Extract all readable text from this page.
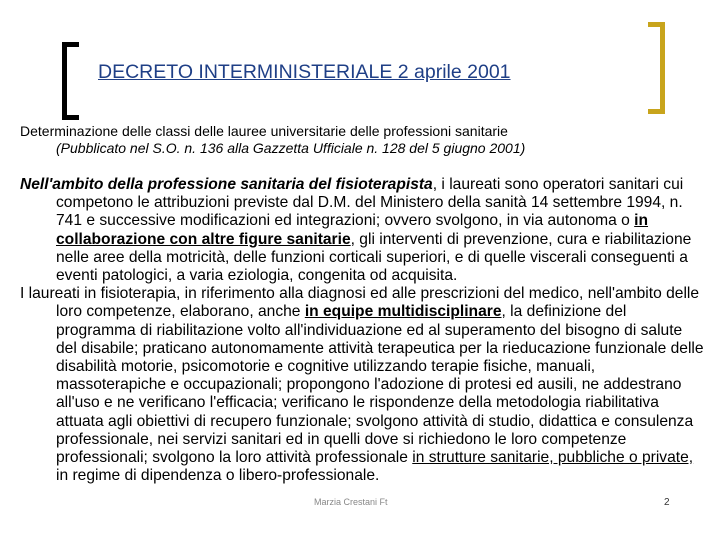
DECRETO INTERMINISTERIALE 2 aprile 2001
Determinazione delle classi delle lauree universitarie delle professioni sanitarie
(Pubblicato nel S.O. n. 136 alla Gazzetta Ufficiale n. 128 del 5 giugno 2001)

Nell'ambito della professione sanitaria del fisioterapista, i laureati sono operatori sanitari cui competono le attribuzioni previste dal D.M. del Ministero della sanità 14 settembre 1994, n. 741 e successive modificazioni ed integrazioni; ovvero svolgono, in via autonoma o in collaborazione con altre figure sanitarie, gli interventi di prevenzione, cura e riabilitazione nelle aree della motricità, delle funzioni corticali superiori, e di quelle viscerali conseguenti a eventi patologici, a varia eziologia, congenita od acquisita.

I laureati in fisioterapia, in riferimento alla diagnosi ed alle prescrizioni del medico, nell'ambito delle loro competenze, elaborano, anche in equipe multidisciplinare, la definizione del programma di riabilitazione volto all'individuazione ed al superamento del bisogno di salute del disabile; praticano autonomamente attività terapeutica per la rieducazione funzionale delle disabilità motorie, psicomotorie e cognitive utilizzando terapie fisiche, manuali, massoterapiche e occupazionali; propongono l'adozione di protesi ed ausili, ne addestrano all'uso e ne verificano l'efficacia; verificano le rispondenze della metodologia riabilitativa attuata agli obiettivi di recupero funzionale; svolgono attività di studio, didattica e consulenza professionale, nei servizi sanitari ed in quelli dove si richiedono le loro competenze professionali; svolgono la loro attività professionale in strutture sanitarie, pubbliche o private, in regime di dipendenza o libero-professionale.

Marzia Crestani Ft	2
